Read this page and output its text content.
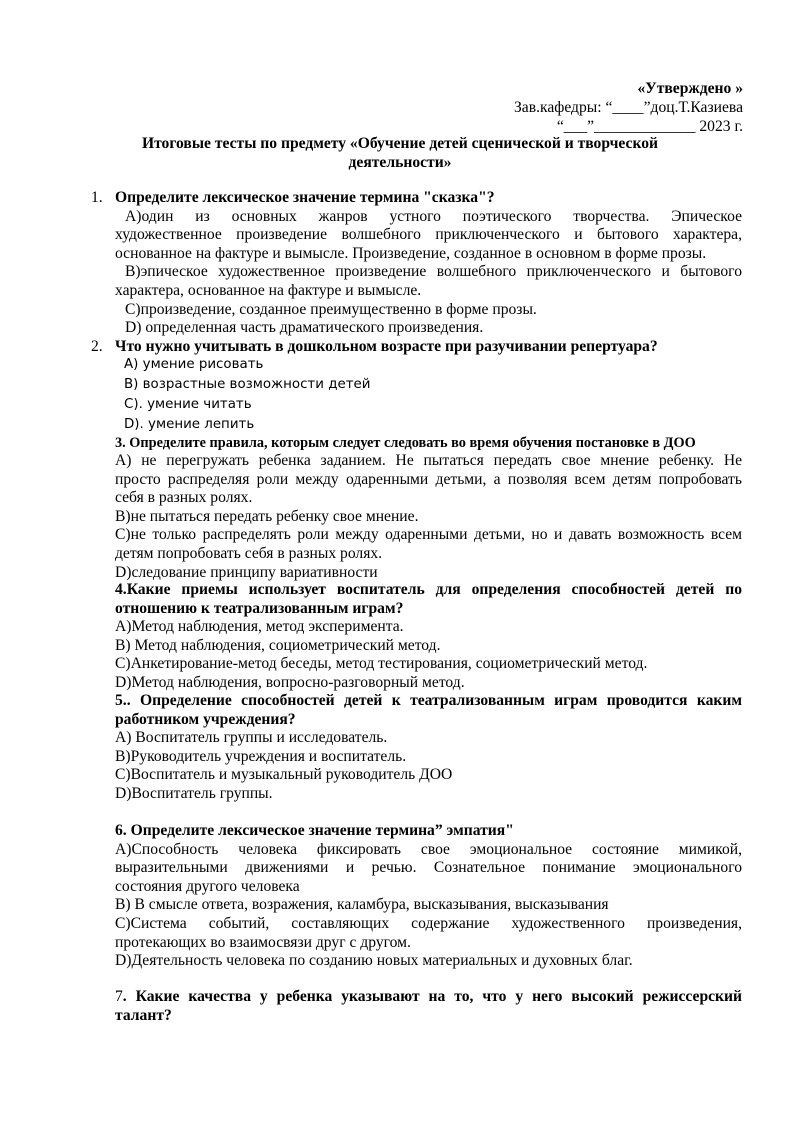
«Утверждено »
Зав.кафедры: “____”доц.Т.Казиева
“___”_____________ 2023 г.

Итоговые тесты по предмету «Обучение детей сценической и творческой

деятельности»

1. Определите лексическое значение термина "сказка"?

А)один из основных жанров устного поэтического творчества. Эпическое

художественное произведение волшебного приключенческого и бытового характера,

основанное на фактуре и вымысле. Произведение, созданное в основном в форме прозы.

В)эпическое художественное произведение волшебного приключенческого и бытового

характера, основанное на фактуре и вымысле.

С)произведение, созданное преимущественно в форме прозы.

D) определенная часть драматического произведения.

2. Что нужно учитывать в дошкольном возрасте при разучивании репертуара?

А) умение рисовать

В) возрастные возможности детей

С). умение читать

D). умение лепить

3. Определите правила, которым следует следовать во время обучения постановке в ДОО

А) не перегружать ребенка заданием. Не пытаться передать свое мнение ребенку. Не

просто распределяя роли между одаренными детьми, а позволяя всем детям попробовать

себя в разных ролях.

В)не пытаться передать ребенку свое мнение.

С)не только распределять роли между одаренными детьми, но и давать возможность всем

детям попробовать себя в разных ролях.

D)следование принципу вариативности

4.Какие приемы использует воспитатель для определения способностей детей по

отношению к театрализованным играм?

А)Метод наблюдения, метод эксперимента.

В) Метод наблюдения, социометрический метод.

С)Анкетирование-метод беседы, метод тестирования, социометрический метод.

D)Метод наблюдения, вопросно-разговорный метод.

5.. Определение способностей детей к театрализованным играм проводится каким

работником учреждения?

А) Воспитатель группы и исследователь.

В)Руководитель учреждения и воспитатель.

С)Воспитатель и музыкальный руководитель ДОО

D)Воспитатель группы.

6. Определите лексическое значение термина” эмпатия"

А)Способность человека фиксировать свое эмоциональное состояние мимикой,

выразительными движениями и речью. Сознательное понимание эмоционального

состояния другого человека

В) В смысле ответа, возражения, каламбура, высказывания, высказывания

С)Система событий, составляющих содержание художественного произведения,

протекающих во взаимосвязи друг с другом.

D)Деятельность человека по созданию новых материальных и духовных благ.

7. Какие качества у ребенка указывают на то, что у него высокий режиссерский

талант?
